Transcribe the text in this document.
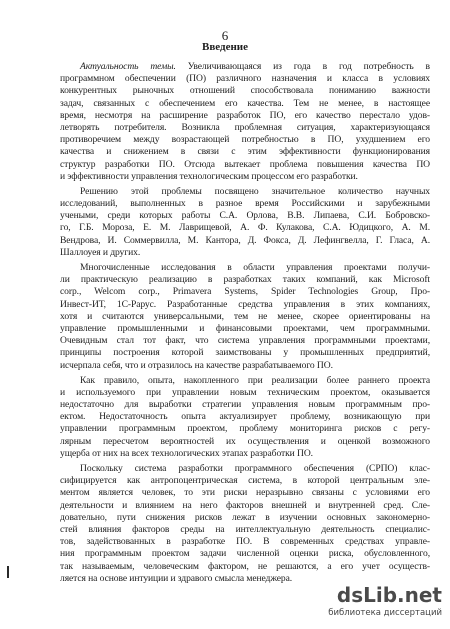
6
Введение
Актуальность темы. Увеличивающаяся из года в год потребность в
программном обеспечении (ПО) различного назначения и класса в условиях
конкурентных рыночных отношений способствовала пониманию важности
задач, связанных с обеспечением его качества. Тем не менее, в настоящее
время, несмотря на расширение разработок ПО, его качество перестало удов-
летворять потребителя. Возникла проблемная ситуация, характеризующаяся
противоречием между возрастающей потребностью в ПО, ухудшением его
качества и снижением в связи с этим эффективности функционирования
структур разработки ПО. Отсюда вытекает проблема повышения качества ПО
и эффективности управления технологическим процессом его разработки.
Решению этой проблемы посвящено значительное количество научных
исследований, выполненных в разное время Российскими и зарубежными
учеными, среди которых работы С.А. Орлова, В.В. Липаева, С.И. Бобровско-
го, Г.Б. Мороза, Е. М. Лаврищевой, А. Ф. Кулакова, С.А. Юдицкого, А. М.
Вендрова, И. Соммервилла, М. Кантора, Д. Фокса, Д. Лефингвелла, Г. Гласа, А.
Шаллоуея и других.
Многочисленные исследования в области управления проектами получи-
ли практическую реализацию в разработках таких компаний, как Microsoft
corp., Welcom corp., Primavera Systems, Spider Technologies Group, Про-
Инвест-ИТ, 1С-Рарус. Разработанные средства управления в этих компаниях,
хотя и считаются универсальными, тем не менее, скорее ориентированы на
управление промышленными и финансовыми проектами, чем программными.
Очевидным стал тот факт, что система управления программными проектами,
принципы построения которой заимствованы у промышленных предприятий,
исчерпала себя, что и отразилось на качестве разрабатываемого ПО.
Как правило, опыта, накопленного при реализации более раннего проекта
и используемого при управлении новым техническим проектом, оказывается
недостаточно для выработки стратегии управления новым программным про-
ектом. Недостаточность опыта актуализирует проблему, возникающую при
управлении программным проектом, проблему мониторинга рисков с регу-
лярным пересчетом вероятностей их осуществления и оценкой возможного
ущерба от них на всех технологических этапах разработки ПО.
Поскольку система разработки программного обеспечения (СРПО) клас-
сифицируется как антропоцентрическая система, в которой центральным эле-
ментом является человек, то эти риски неразрывно связаны с условиями его
деятельности и влиянием на него факторов внешней и внутренней сред. Сле-
довательно, пути снижения рисков лежат в изучении основных закономерно-
стей влияния факторов среды на интеллектуальную деятельность специалис-
тов, задействованных в разработке ПО. В современных средствах управле-
ния программным проектом задачи численной оценки риска, обусловленного,
так называемым, человеческим фактором, не решаются, а его учет осуществ-
ляется на основе интуиции и здравого смысла менеджера.
dsLib.net
библиотека диссертаций
